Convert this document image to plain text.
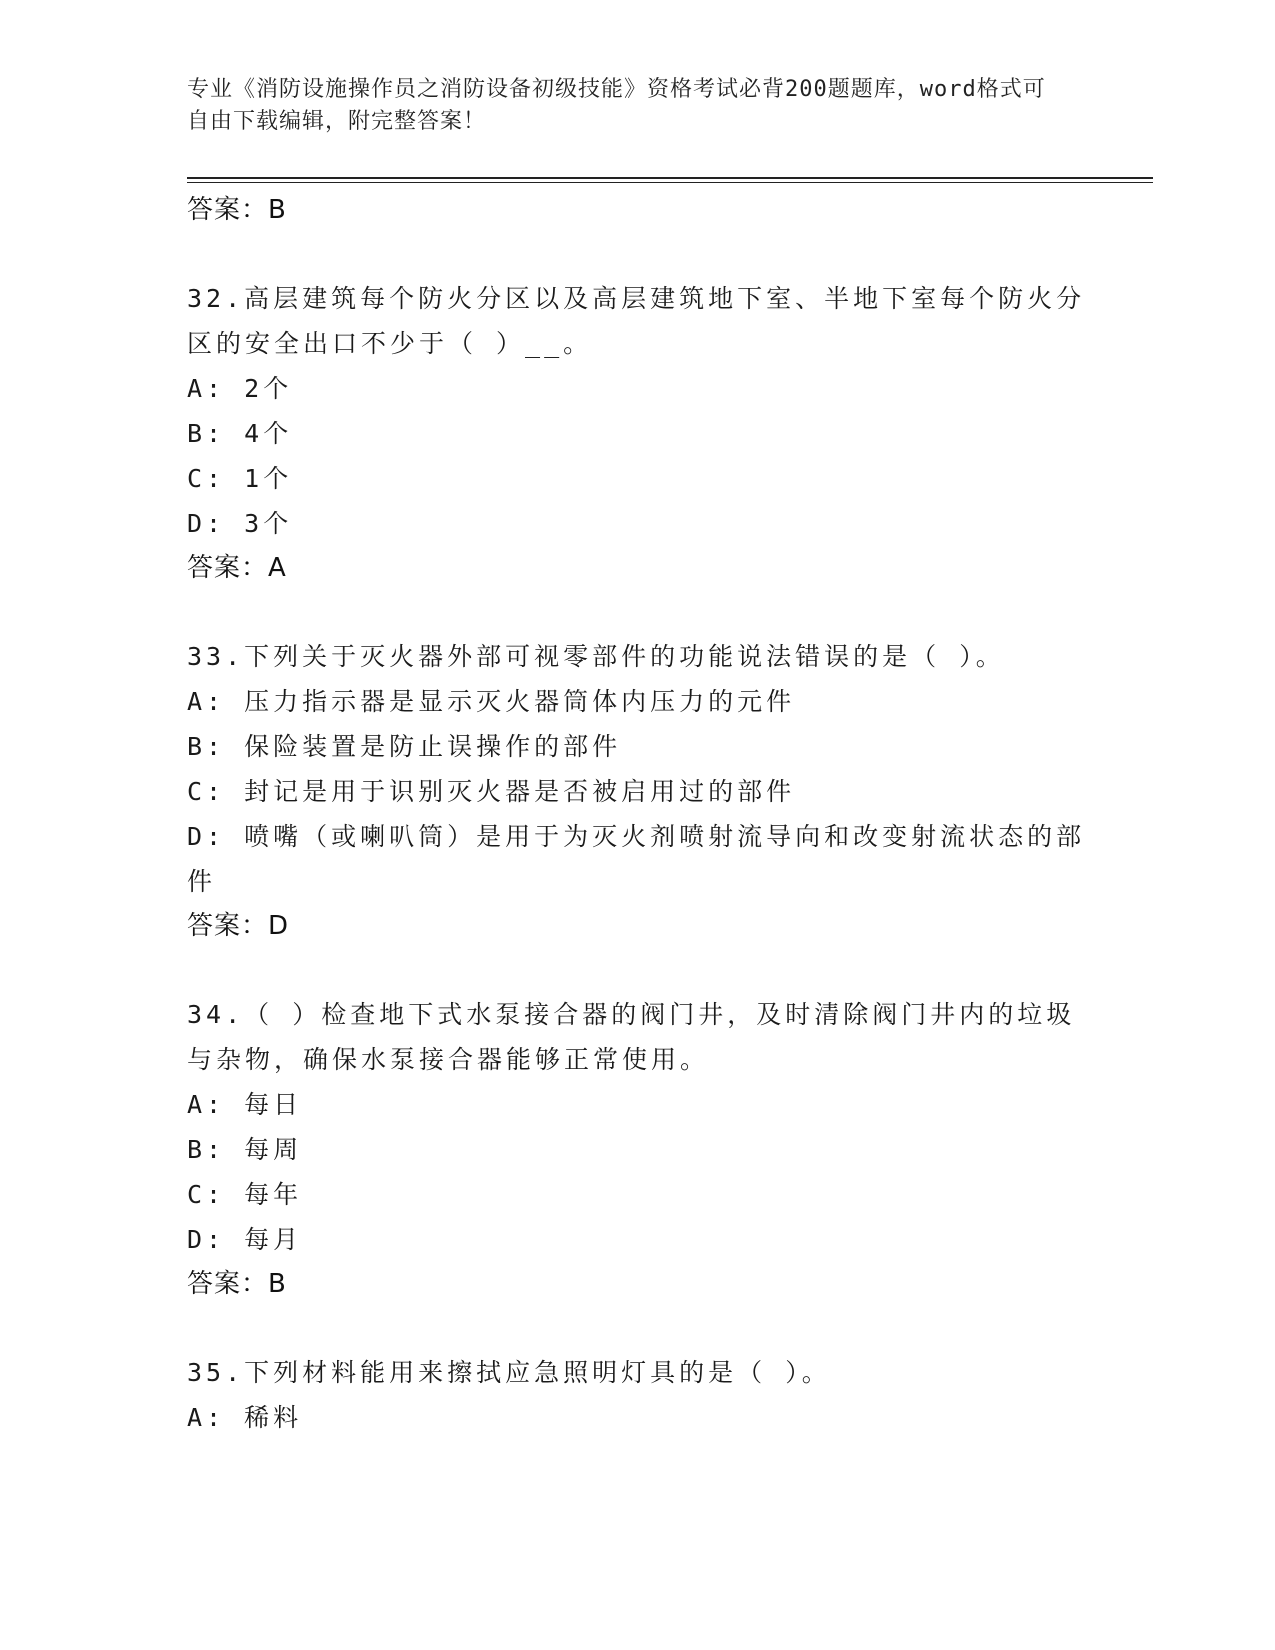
专业《消防设施操作员之消防设备初级技能》资格考试必背200题题库，word格式可自由下载编辑，附完整答案！
答案：B
32.高层建筑每个防火分区以及高层建筑地下室、半地下室每个防火分区的安全出口不少于（ ）__。
A: 2个
B: 4个
C: 1个
D: 3个
答案：A
33.下列关于灭火器外部可视零部件的功能说法错误的是（ ）。
A: 压力指示器是显示灭火器筒体内压力的元件
B: 保险装置是防止误操作的部件
C: 封记是用于识别灭火器是否被启用过的部件
D: 喷嘴（或喇叭筒）是用于为灭火剂喷射流导向和改变射流状态的部件
答案：D
34.（ ）检查地下式水泵接合器的阀门井，及时清除阀门井内的垃圾与杂物，确保水泵接合器能够正常使用。
A: 每日
B: 每周
C: 每年
D: 每月
答案：B
35.下列材料能用来擦拭应急照明灯具的是（ ）。
A: 稀料
